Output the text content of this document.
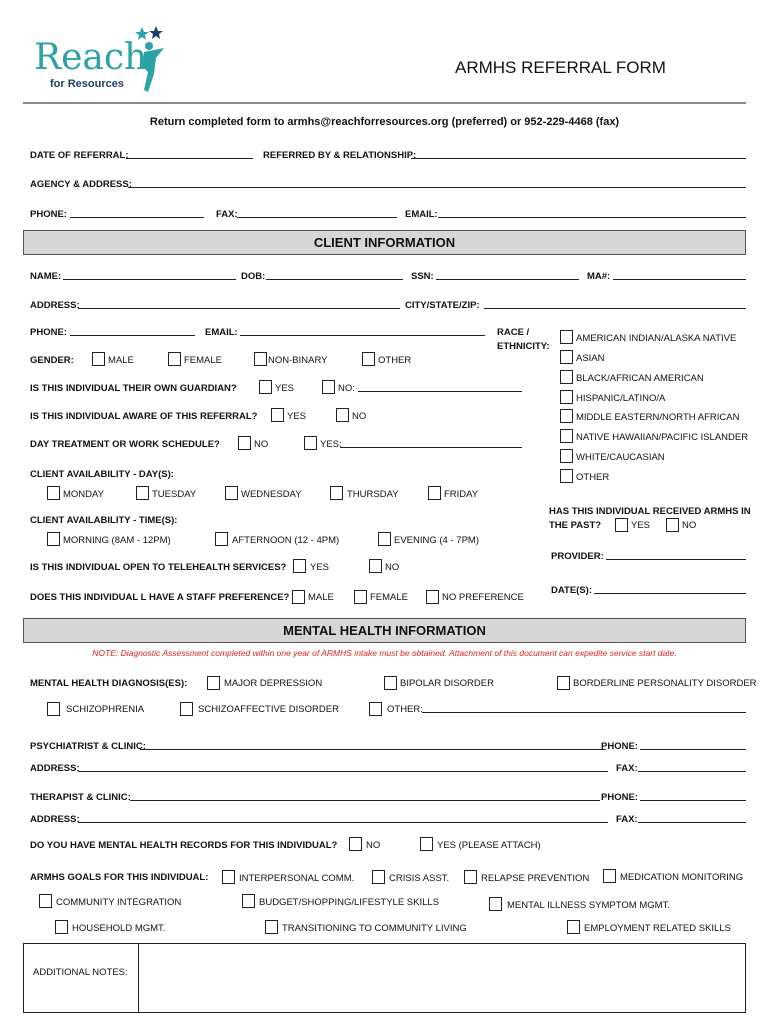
Reach
for Resources
ARMHS REFERRAL FORM
Return completed form to armhs@reachforresources.org (preferred) or 952-229-4468 (fax)
DATE OF REFERRAL:	REFERRED BY & RELATIONSHIP:
AGENCY & ADDRESS:
PHONE:	FAX:	EMAIL:
CLIENT INFORMATION
NAME:	DOB:	SSN:	MA#:
ADDRESS:	CITY/STATE/ZIP:
PHONE:	EMAIL:
GENDER:	MALE	FEMALE	NON-BINARY	OTHER
IS THIS INDIVIDUAL THEIR OWN GUARDIAN?	YES	NO:
IS THIS INDIVIDUAL AWARE OF THIS REFERRAL?	YES	NO
DAY TREATMENT OR WORK SCHEDULE?	NO	YES:
CLIENT AVAILABILITY - DAY(S):
MONDAY	TUESDAY	WEDNESDAY	THURSDAY	FRIDAY
CLIENT AVAILABILITY - TIME(S):
MORNING (8AM - 12PM)	AFTERNOON (12 - 4PM)	EVENING (4 - 7PM)
IS THIS INDIVIDUAL OPEN TO TELEHEALTH SERVICES? YES	NO
DOES THIS INDIVIDUAL L HAVE A STAFF PREFERENCE? MALE	FEMALE	NO PREFERENCE
RACE /
ETHNICITY:
AMERICAN INDIAN/ALASKA NATIVE
ASIAN
BLACK/AFRICAN AMERICAN
HISPANIC/LATINO/A
MIDDLE EASTERN/NORTH AFRICAN
NATIVE HAWAIIAN/PACIFIC ISLANDER
WHITE/CAUCASIAN
OTHER
HAS THIS INDIVIDUAL RECEIVED ARMHS IN
THE PAST?	YES	NO
PROVIDER:
DATE(S):
MENTAL HEALTH INFORMATION
NOTE: Diagnostic Assessment completed within one year of ARMHS intake must be obtained. Attachment of this document can expedite service start date.
MENTAL HEALTH DIAGNOSIS(ES):	MAJOR DEPRESSION	BIPOLAR DISORDER	BORDERLINE PERSONALITY DISORDER
SCHIZOPHRENIA	SCHIZOAFFECTIVE DISORDER	OTHER:
PSYCHIATRIST & CLINIC:	PHONE:
ADDRESS:	FAX:
THERAPIST & CLINIC:	PHONE:
ADDRESS:	FAX:
DO YOU HAVE MENTAL HEALTH RECORDS FOR THIS INDIVIDUAL?	NO	YES (PLEASE ATTACH)
ARMHS GOALS FOR THIS INDIVIDUAL:	INTERPERSONAL COMM.	CRISIS ASST.	RELAPSE PREVENTION	MEDICATION MONITORING
COMMUNITY INTEGRATION	BUDGET/SHOPPING/LIFESTYLE SKILLS	MENTAL ILLNESS SYMPTOM MGMT.
HOUSEHOLD MGMT.	TRANSITIONING TO COMMUNITY LIVING	EMPLOYMENT RELATED SKILLS
ADDITIONAL NOTES:
